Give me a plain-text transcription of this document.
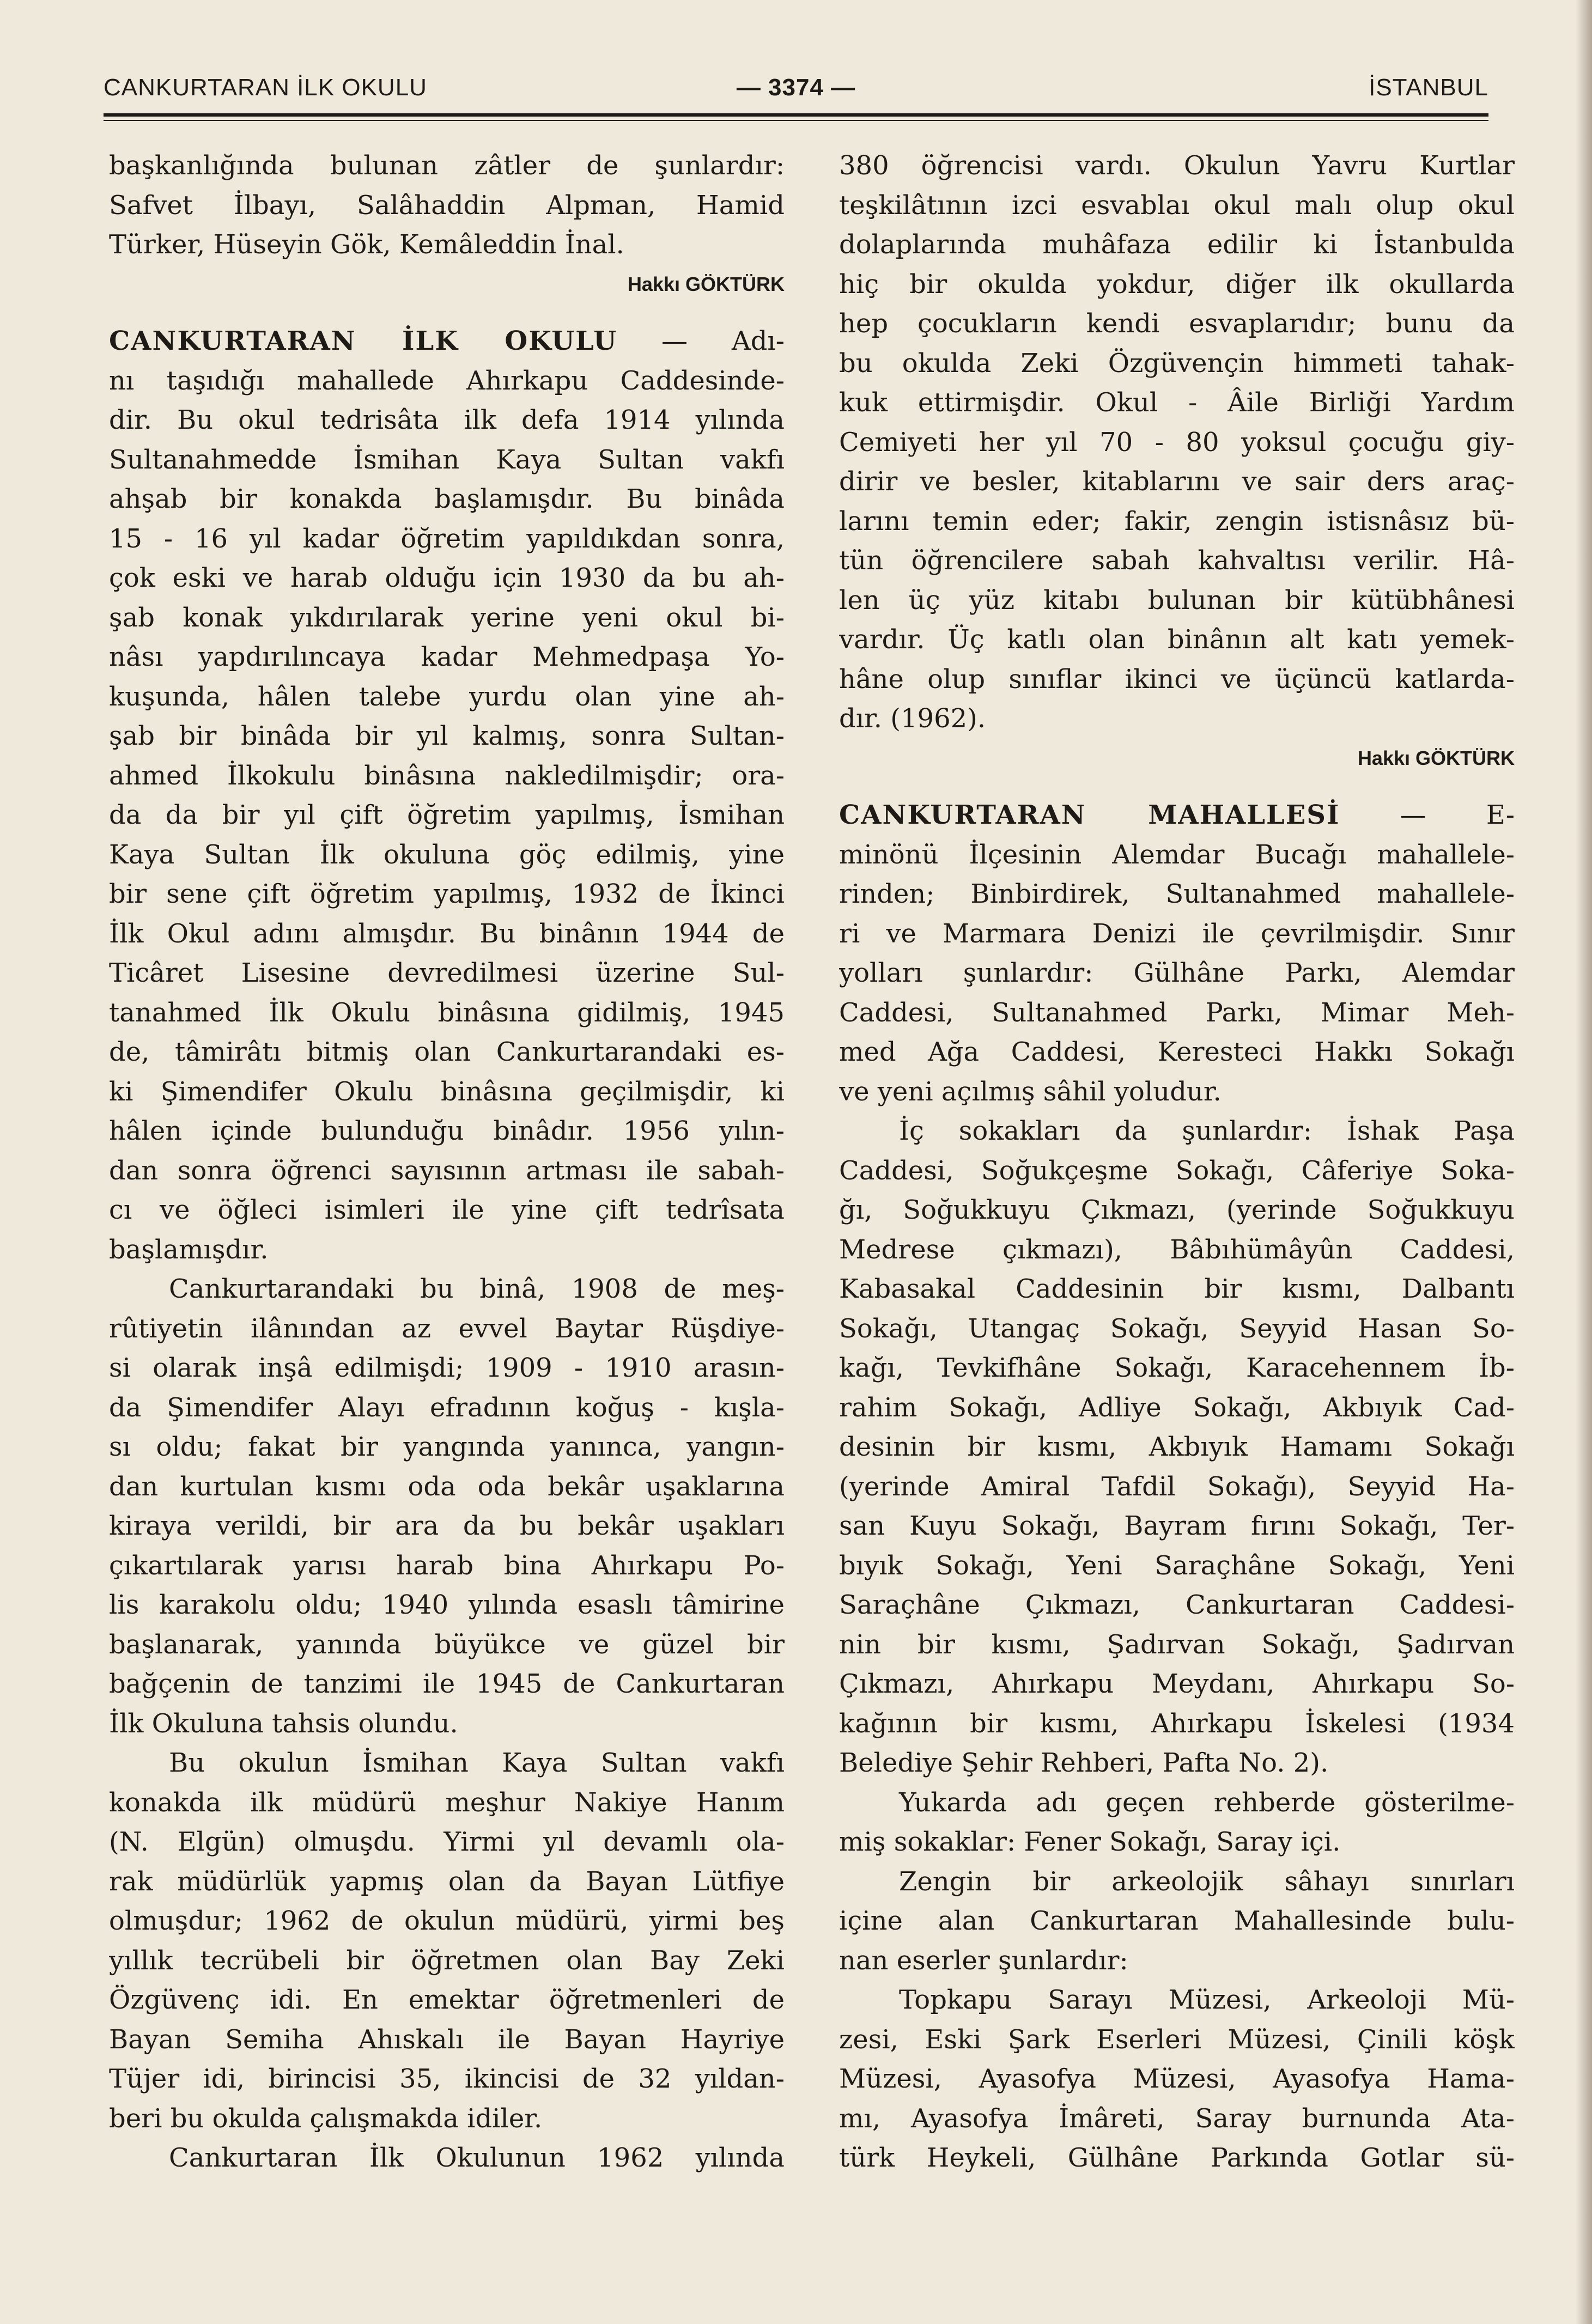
CANKURTARAN İLK OKULU	— 3374 —	İSTANBUL
başkanlığında bulunan zâtler de şunlardır:
Safvet İlbayı, Salâhaddin Alpman, Hamid
Türker, Hüseyin Gök, Kemâleddin İnal.
Hakkı GÖKTÜRK
CANKURTARAN İLK OKULU — Adı-
nı taşıdığı mahallede Ahırkapu Caddesinde-
dir. Bu okul tedrisâta ilk defa 1914 yılında
Sultanahmedde İsmihan Kaya Sultan vakfı
ahşab bir konakda başlamışdır. Bu binâda
15 - 16 yıl kadar öğretim yapıldıkdan sonra,
çok eski ve harab olduğu için 1930 da bu ah-
şab konak yıkdırılarak yerine yeni okul bi-
nâsı yapdırılıncaya kadar Mehmedpaşa Yo-
kuşunda, hâlen talebe yurdu olan yine ah-
şab bir binâda bir yıl kalmış, sonra Sultan-
ahmed İlkokulu binâsına nakledilmişdir; ora-
da da bir yıl çift öğretim yapılmış, İsmihan
Kaya Sultan İlk okuluna göç edilmiş, yine
bir sene çift öğretim yapılmış, 1932 de İkinci
İlk Okul adını almışdır. Bu binânın 1944 de
Ticâret Lisesine devredilmesi üzerine Sul-
tanahmed İlk Okulu binâsına gidilmiş, 1945
de, tâmirâtı bitmiş olan Cankurtarandaki es-
ki Şimendifer Okulu binâsına geçilmişdir, ki
hâlen içinde bulunduğu binâdır. 1956 yılın-
dan sonra öğrenci sayısının artması ile sabah-
cı ve öğleci isimleri ile yine çift tedrîsata
başlamışdır.
Cankurtarandaki bu binâ, 1908 de meş-
rûtiyetin ilânından az evvel Baytar Rüşdiye-
si olarak inşâ edilmişdi; 1909 - 1910 arasın-
da Şimendifer Alayı efradının koğuş - kışla-
sı oldu; fakat bir yangında yanınca, yangın-
dan kurtulan kısmı oda oda bekâr uşaklarına
kiraya verildi, bir ara da bu bekâr uşakları
çıkartılarak yarısı harab bina Ahırkapu Po-
lis karakolu oldu; 1940 yılında esaslı tâmirine
başlanarak, yanında büyükce ve güzel bir
bağçenin de tanzimi ile 1945 de Cankurtaran
İlk Okuluna tahsis olundu.
Bu okulun İsmihan Kaya Sultan vakfı
konakda ilk müdürü meşhur Nakiye Hanım
(N. Elgün) olmuşdu. Yirmi yıl devamlı ola-
rak müdürlük yapmış olan da Bayan Lütfiye
olmuşdur; 1962 de okulun müdürü, yirmi beş
yıllık tecrübeli bir öğretmen olan Bay Zeki
Özgüvenç idi. En emektar öğretmenleri de
Bayan Semiha Ahıskalı ile Bayan Hayriye
Tüjer idi, birincisi 35, ikincisi de 32 yıldan-
beri bu okulda çalışmakda idiler.
Cankurtaran İlk Okulunun 1962 yılında
380 öğrencisi vardı. Okulun Yavru Kurtlar
teşkilâtının izci esvablaı okul malı olup okul
dolaplarında muhâfaza edilir ki İstanbulda
hiç bir okulda yokdur, diğer ilk okullarda
hep çocukların kendi esvaplarıdır; bunu da
bu okulda Zeki Özgüvençin himmeti tahak-
kuk ettirmişdir. Okul - Âile Birliği Yardım
Cemiyeti her yıl 70 - 80 yoksul çocuğu giy-
dirir ve besler, kitablarını ve sair ders araç-
larını temin eder; fakir, zengin istisnâsız bü-
tün öğrencilere sabah kahvaltısı verilir. Hâ-
len üç yüz kitabı bulunan bir kütübhânesi
vardır. Üç katlı olan binânın alt katı yemek-
hâne olup sınıflar ikinci ve üçüncü katlarda-
dır. (1962).
Hakkı GÖKTÜRK
CANKURTARAN MAHALLESİ — E-
minönü İlçesinin Alemdar Bucağı mahallele-
rinden; Binbirdirek, Sultanahmed mahallele-
ri ve Marmara Denizi ile çevrilmişdir. Sınır
yolları şunlardır: Gülhâne Parkı, Alemdar
Caddesi, Sultanahmed Parkı, Mimar Meh-
med Ağa Caddesi, Keresteci Hakkı Sokağı
ve yeni açılmış sâhil yoludur.
İç sokakları da şunlardır: İshak Paşa
Caddesi, Soğukçeşme Sokağı, Câferiye Soka-
ğı, Soğukkuyu Çıkmazı, (yerinde Soğukkuyu
Medrese çıkmazı), Bâbıhümâyûn Caddesi,
Kabasakal Caddesinin bir kısmı, Dalbantı
Sokağı, Utangaç Sokağı, Seyyid Hasan So-
kağı, Tevkifhâne Sokağı, Karacehennem İb-
rahim Sokağı, Adliye Sokağı, Akbıyık Cad-
desinin bir kısmı, Akbıyık Hamamı Sokağı
(yerinde Amiral Tafdil Sokağı), Seyyid Ha-
san Kuyu Sokağı, Bayram fırını Sokağı, Ter-
bıyık Sokağı, Yeni Saraçhâne Sokağı, Yeni
Saraçhâne Çıkmazı, Cankurtaran Caddesi-
nin bir kısmı, Şadırvan Sokağı, Şadırvan
Çıkmazı, Ahırkapu Meydanı, Ahırkapu So-
kağının bir kısmı, Ahırkapu İskelesi (1934
Belediye Şehir Rehberi, Pafta No. 2).
Yukarda adı geçen rehberde gösterilme-
miş sokaklar: Fener Sokağı, Saray içi.
Zengin bir arkeolojik sâhayı sınırları
içine alan Cankurtaran Mahallesinde bulu-
nan eserler şunlardır:
Topkapu Sarayı Müzesi, Arkeoloji Mü-
zesi, Eski Şark Eserleri Müzesi, Çinili köşk
Müzesi, Ayasofya Müzesi, Ayasofya Hama-
mı, Ayasofya İmâreti, Saray burnunda Ata-
türk Heykeli, Gülhâne Parkında Gotlar sü-
